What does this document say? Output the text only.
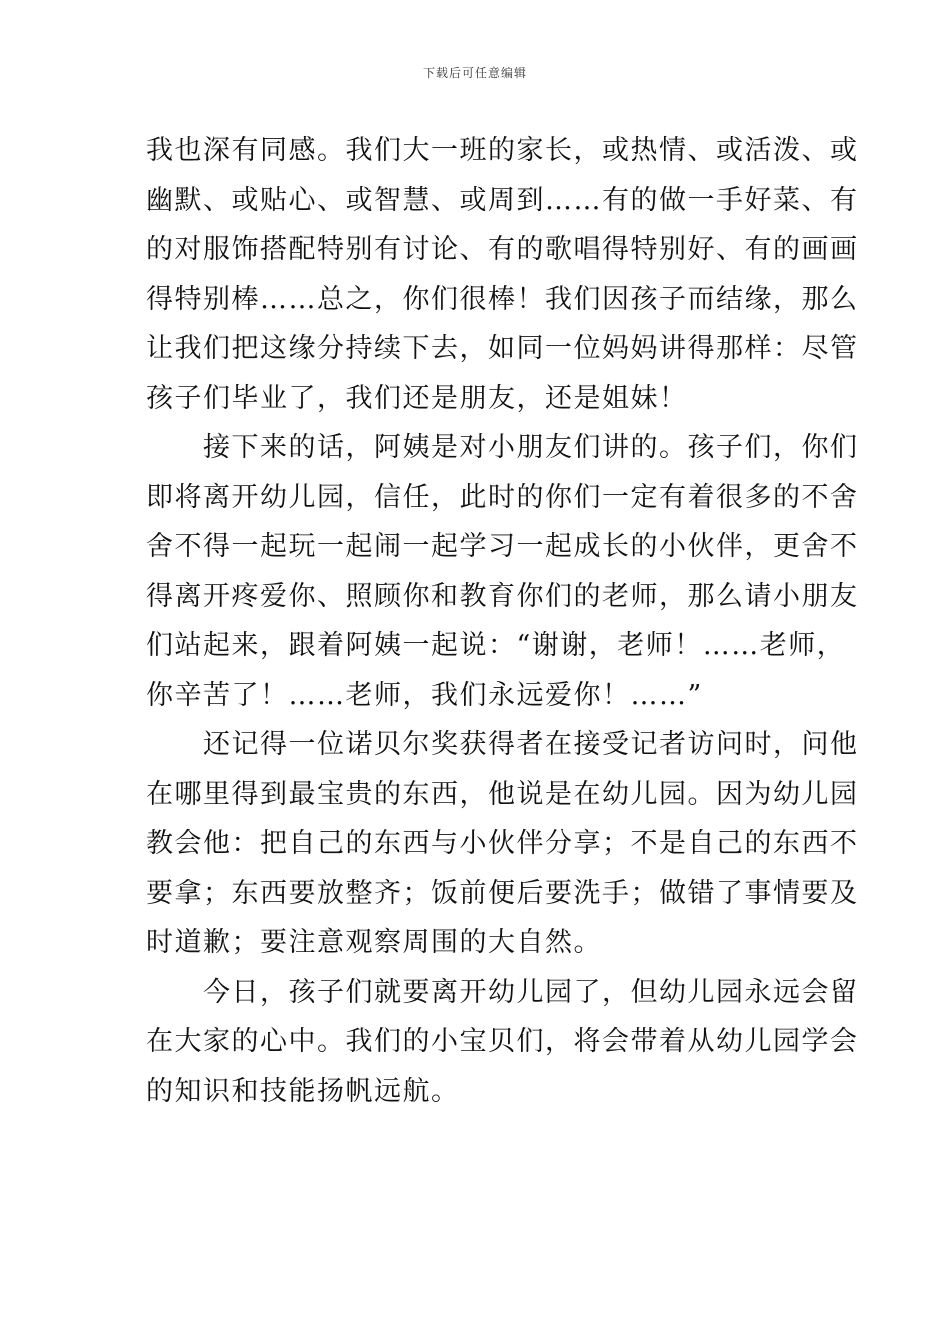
下载后可任意编辑
我也深有同感。我们大一班的家长，或热情、或活泼、或
幽默、或贴心、或智慧、或周到……有的做一手好菜、有
的对服饰搭配特别有讨论、有的歌唱得特别好、有的画画
得特别棒……总之，你们很棒！我们因孩子而结缘，那么
让我们把这缘分持续下去，如同一位妈妈讲得那样：尽管
孩子们毕业了，我们还是朋友，还是姐妹！
接下来的话，阿姨是对小朋友们讲的。孩子们，你们
即将离开幼儿园，信任，此时的你们一定有着很多的不舍
舍不得一起玩一起闹一起学习一起成长的小伙伴，更舍不
得离开疼爱你、照顾你和教育你们的老师，那么请小朋友
们站起来，跟着阿姨一起说：“谢谢，老师！……老师，
你辛苦了！……老师，我们永远爱你！……”
还记得一位诺贝尔奖获得者在接受记者访问时，问他
在哪里得到最宝贵的东西，他说是在幼儿园。因为幼儿园
教会他：把自己的东西与小伙伴分享；不是自己的东西不
要拿；东西要放整齐；饭前便后要洗手；做错了事情要及
时道歉；要注意观察周围的大自然。
今日，孩子们就要离开幼儿园了，但幼儿园永远会留
在大家的心中。我们的小宝贝们，将会带着从幼儿园学会
的知识和技能扬帆远航。
